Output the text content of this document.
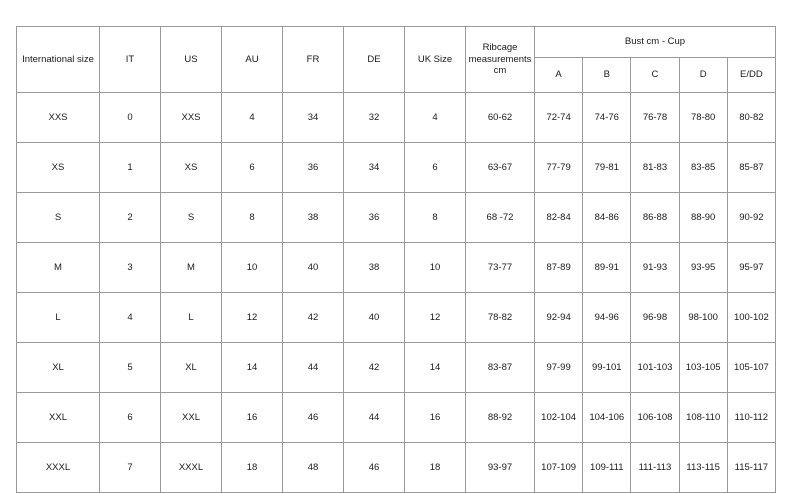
International size	IT	US	AU	FR	DE	UK Size	Ribcage measurements cm	Bust cm - Cup				
								A	B	C	D	E/DD
XXS	0	XXS	4	34	32	4	60-62	72-74	74-76	76-78	78-80	80-82
XS	1	XS	6	36	34	6	63-67	77-79	79-81	81-83	83-85	85-87
S	2	S	8	38	36	8	68 -72	82-84	84-86	86-88	88-90	90-92
M	3	M	10	40	38	10	73-77	87-89	89-91	91-93	93-95	95-97
L	4	L	12	42	40	12	78-82	92-94	94-96	96-98	98-100	100-102
XL	5	XL	14	44	42	14	83-87	97-99	99-101	101-103	103-105	105-107
XXL	6	XXL	16	46	44	16	88-92	102-104	104-106	106-108	108-110	110-112
XXXL	7	XXXL	18	48	46	18	93-97	107-109	109-111	111-113	113-115	115-117
